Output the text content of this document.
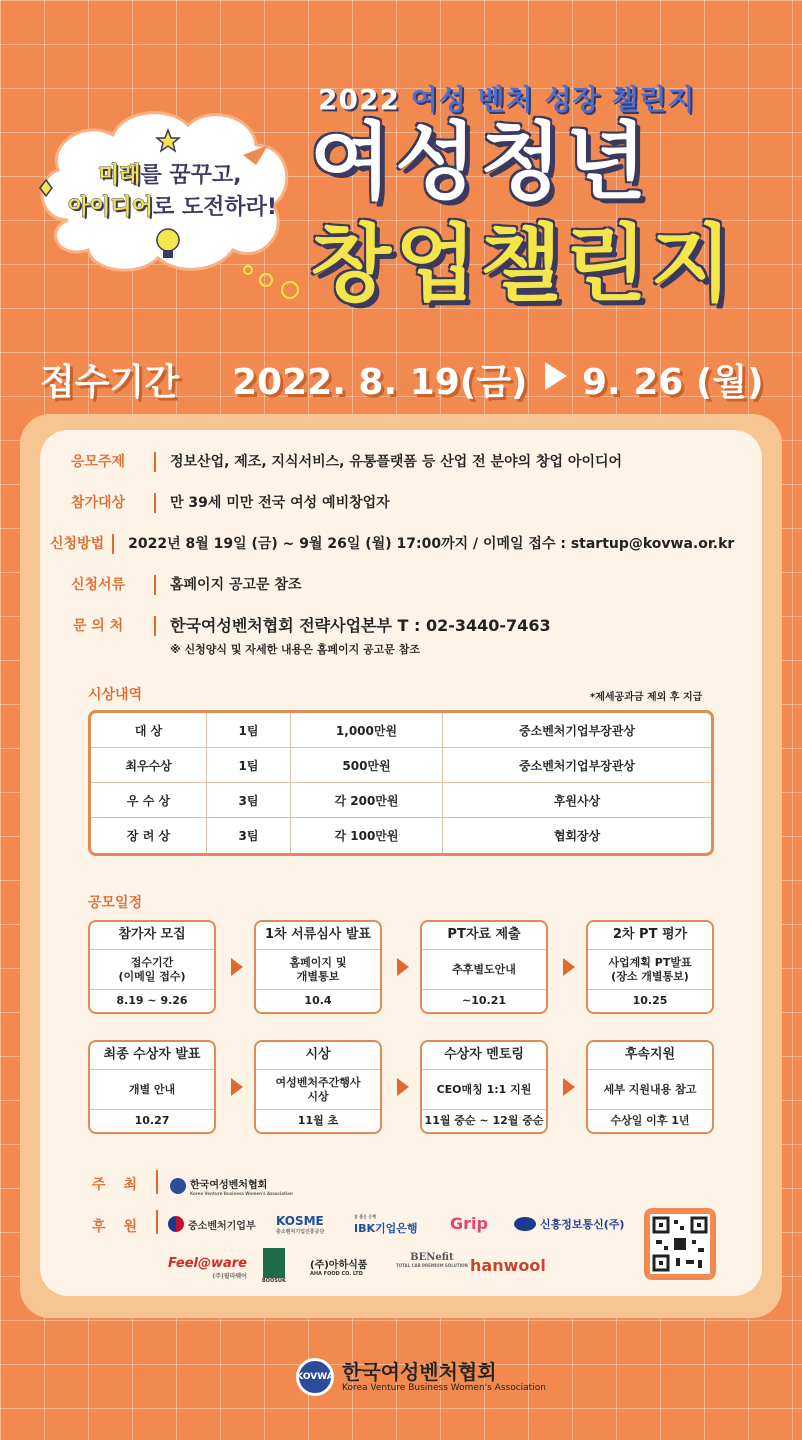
미래를 꿈꾸고,
아이디어로 도전하라!
2022 여성 벤처 성장 챌린지
여성청년
창업챌린지
접수기간 2022. 8. 19(금) 9. 26 (월)
응모주제	정보산업, 제조, 지식서비스, 유통플랫폼 등 산업 전 분야의 창업 아이디어
참가대상	만 39세 미만 전국 여성 예비창업자
신청방법	2022년 8월 19일 (금) ~ 9월 26일 (월) 17:00까지 / 이메일 접수 : startup@kovwa.or.kr
신청서류	홈페이지 공고문 참조
문 의 처	한국여성벤처협회 전략사업본부 T : 02-3440-7463
※ 신청양식 및 자세한 내용은 홈페이지 공고문 참조
시상내역	*제세공과금 제외 후 지급
대 상	1팀	1,000만원	중소벤처기업부장관상
최우수상	1팀	500만원	중소벤처기업부장관상
우 수 상	3팀	각 200만원	후원사상
장 려 상	3팀	각 100만원	협회장상
공모일정
참가자 모집
접수기간
(이메일 접수)
8.19 ~ 9.26
1차 서류심사 발표
홈페이지 및
개별통보
10.4
PT자료 제출
추후별도안내
~10.21
2차 PT 평가
사업계획 PT발표
(장소 개별통보)
10.25
최종 수상자 발표
개별 안내
10.27
시상
여성벤처주간행사
시상
11월 초
수상자 멘토링
CEO매칭 1:1 지원
11월 중순 ~ 12월 중순
후속지원
세부 지원내용 참고
수상일 이후 1년
주최
후원
한국여성벤처협회
Korea Venture Business Women's Association
중소벤처기업부 KOSME
중소벤처기업진흥공단
참 좋은 은행
IBK기업은행 Grip	신흥정보통신(주)
Feel@ware
(주)필라웨어
BOOSUK
(주)아하식품
AHA FOOD CO. LTD
BENefit
TOTAL CAR PREMIUM SOLUTION hanwool
KOVWA 한국여성벤처협회
Korea Venture Business Women's Association
